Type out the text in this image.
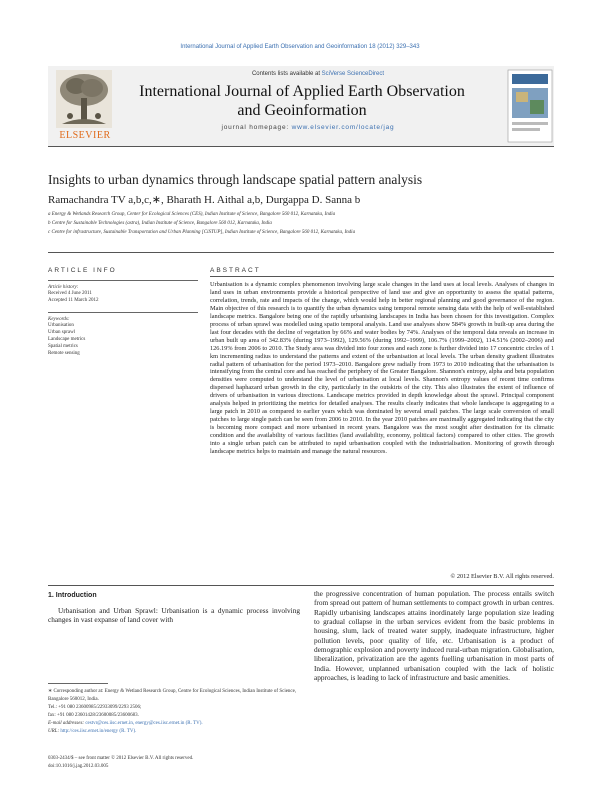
International Journal of Applied Earth Observation and Geoinformation 18 (2012) 329–343
ELSEVIER
Contents lists available at SciVerse ScienceDirect
International Journal of Applied Earth Observation and Geoinformation
journal homepage: www.elsevier.com/locate/jag
Insights to urban dynamics through landscape spatial pattern analysis
Ramachandra TV a,b,c,∗, Bharath H. Aithal a,b, Durgappa D. Sanna b
a Energy & Wetlands Research Group, Center for Ecological Sciences (CES), Indian Institute of Science, Bangalore 560 012, Karnataka, India
b Centre for Sustainable Technologies (astra), Indian Institute of Science, Bangalore 560 012, Karnataka, India
c Centre for infrastructure, Sustainable Transportation and Urban Planning [CiSTUP], Indian Institute of Science, Bangalore 560 012, Karnataka, India
ARTICLE INFO
Article history:
Received 4 June 2011
Accepted 11 March 2012
Keywords:
Urbanisation
Urban sprawl
Landscape metrics
Spatial metrics
Remote sensing
ABSTRACT
Urbanisation is a dynamic complex phenomenon involving large scale changes in the land uses at local levels. Analyses of changes in land uses in urban environments provide a historical perspective of land use and give an opportunity to assess the spatial patterns, correlation, trends, rate and impacts of the change, which would help in better regional planning and good governance of the region. Main objective of this research is to quantify the urban dynamics using temporal remote sensing data with the help of well-established landscape metrics. Bangalore being one of the rapidly urbanising landscapes in India has been chosen for this investigation. Complex process of urban sprawl was modelled using spatio temporal analysis. Land use analyses show 584% growth in built-up area during the last four decades with the decline of vegetation by 66% and water bodies by 74%. Analyses of the temporal data reveals an increase in urban built up area of 342.83% (during 1973–1992), 129.56% (during 1992–1999), 106.7% (1999–2002), 114.51% (2002–2006) and 126.19% from 2006 to 2010. The Study area was divided into four zones and each zone is further divided into 17 concentric circles of 1 km incrementing radius to understand the patterns and extent of the urbanisation at local levels. The urban density gradient illustrates radial pattern of urbanisation for the period 1973–2010. Bangalore grew radially from 1973 to 2010 indicating that the urbanisation is intensifying from the central core and has reached the periphery of the Greater Bangalore. Shannon's entropy, alpha and beta population densities were computed to understand the level of urbanisation at local levels. Shannon's entropy values of recent time confirms dispersed haphazard urban growth in the city, particularly in the outskirts of the city. This also illustrates the extent of influence of drivers of urbanisation in various directions. Landscape metrics provided in depth knowledge about the sprawl. Principal component analysis helped in prioritizing the metrics for detailed analyses. The results clearly indicates that whole landscape is aggregating to a large patch in 2010 as compared to earlier years which was dominated by several small patches. The large scale conversion of small patches to large single patch can be seen from 2006 to 2010. In the year 2010 patches are maximally aggregated indicating that the city is becoming more compact and more urbanised in recent years. Bangalore was the most sought after destination for its climatic condition and the availability of various facilities (land availability, economy, political factors) compared to other cities. The growth into a single urban patch can be attributed to rapid urbanisation coupled with the industrialisation. Monitoring of growth through landscape metrics helps to maintain and manage the natural resources.
© 2012 Elsevier B.V. All rights reserved.
1. Introduction
Urbanisation and Urban Sprawl: Urbanisation is a dynamic process involving changes in vast expanse of land cover with
the progressive concentration of human population. The process entails switch from spread out pattern of human settlements to compact growth in urban centres. Rapidly urbanising landscapes attains inordinately large population size leading to gradual collapse in the urban services evident from the basic problems in housing, slum, lack of treated water supply, inadequate infrastructure, higher pollution levels, poor quality of life, etc. Urbanisation is a product of demographic explosion and poverty induced rural-urban migration. Globalisation, liberalization, privatization are the agents fuelling urbanisation in most parts of India. However, unplanned urbanisation coupled with the lack of holistic approaches, is leading to lack of infrastructure and basic amenities.
∗ Corresponding author at: Energy & Wetland Research Group, Centre for Ecological Sciences, Indian Institute of Science, Bangalore 560012, India.
Tel.: +91 080 23600985/22933099/2293 2506;
fax: +91 080 23601428/23600085/23600683.
E-mail addresses: cestvr@ces.iisc.ernet.in, energy@ces.iisc.ernet.in (R. TV).
URL: http://ces.iisc.ernet.in/energy (R. TV).
0303-2434/$ – see front matter © 2012 Elsevier B.V. All rights reserved.
doi:10.1016/j.jag.2012.03.005
